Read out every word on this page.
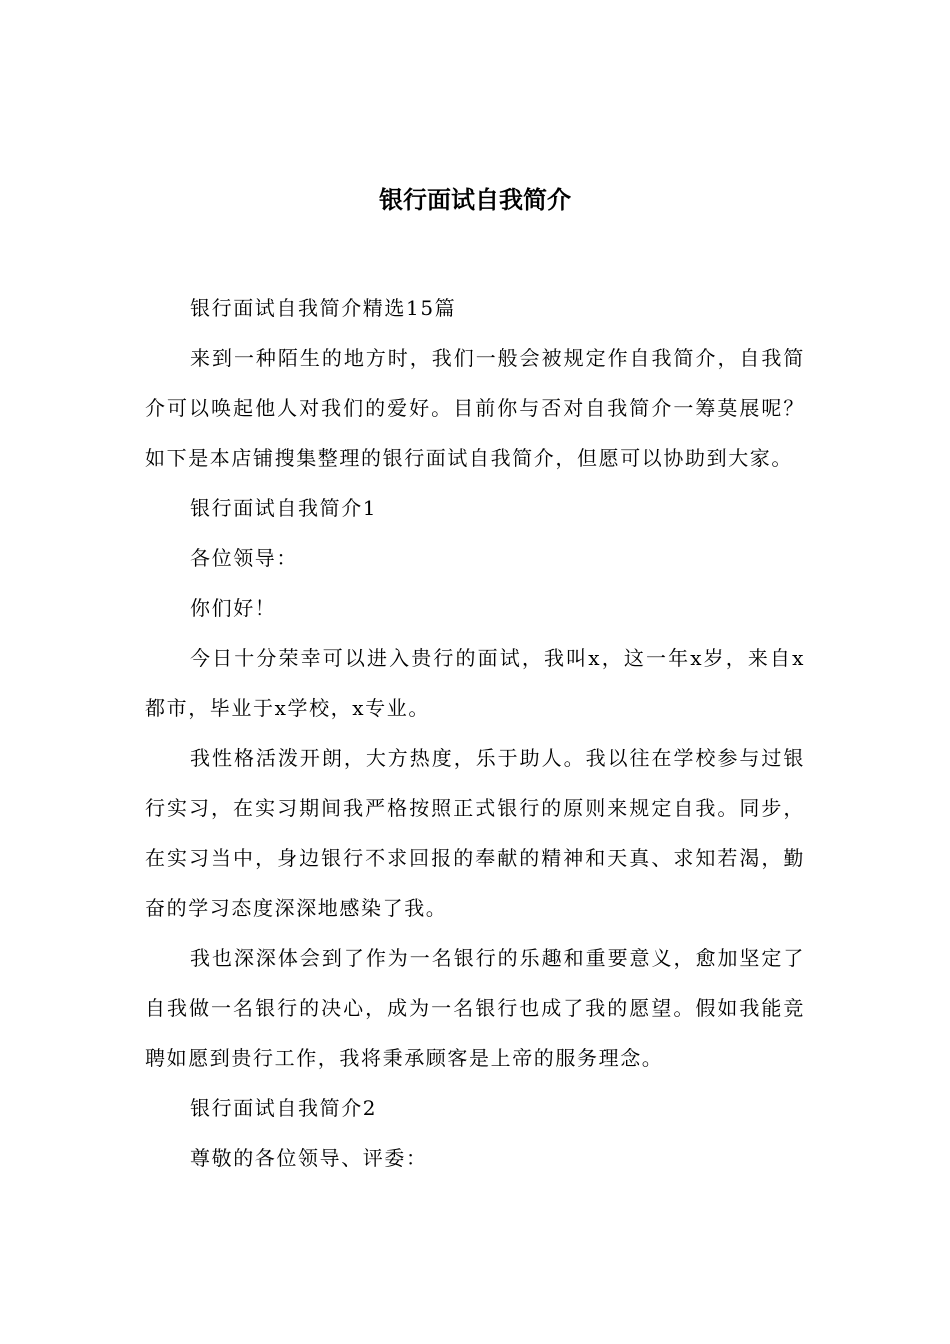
银行面试自我简介

银行面试自我简介精选15篇

来到一种陌生的地方时，我们一般会被规定作自我简介，自我简介可以唤起他人对我们的爱好。目前你与否对自我简介一筹莫展呢？如下是本店铺搜集整理的银行面试自我简介，但愿可以协助到大家。

银行面试自我简介1

各位领导：

你们好！

今日十分荣幸可以进入贵行的面试，我叫x，这一年x岁，来自x都市，毕业于x学校，x专业。

我性格活泼开朗，大方热度，乐于助人。我以往在学校参与过银行实习，在实习期间我严格按照正式银行的原则来规定自我。同步，在实习当中，身边银行不求回报的奉献的精神和天真、求知若渴，勤奋的学习态度深深地感染了我。

我也深深体会到了作为一名银行的乐趣和重要意义，愈加坚定了自我做一名银行的决心，成为一名银行也成了我的愿望。假如我能竞聘如愿到贵行工作，我将秉承顾客是上帝的服务理念。

银行面试自我简介2

尊敬的各位领导、评委：
